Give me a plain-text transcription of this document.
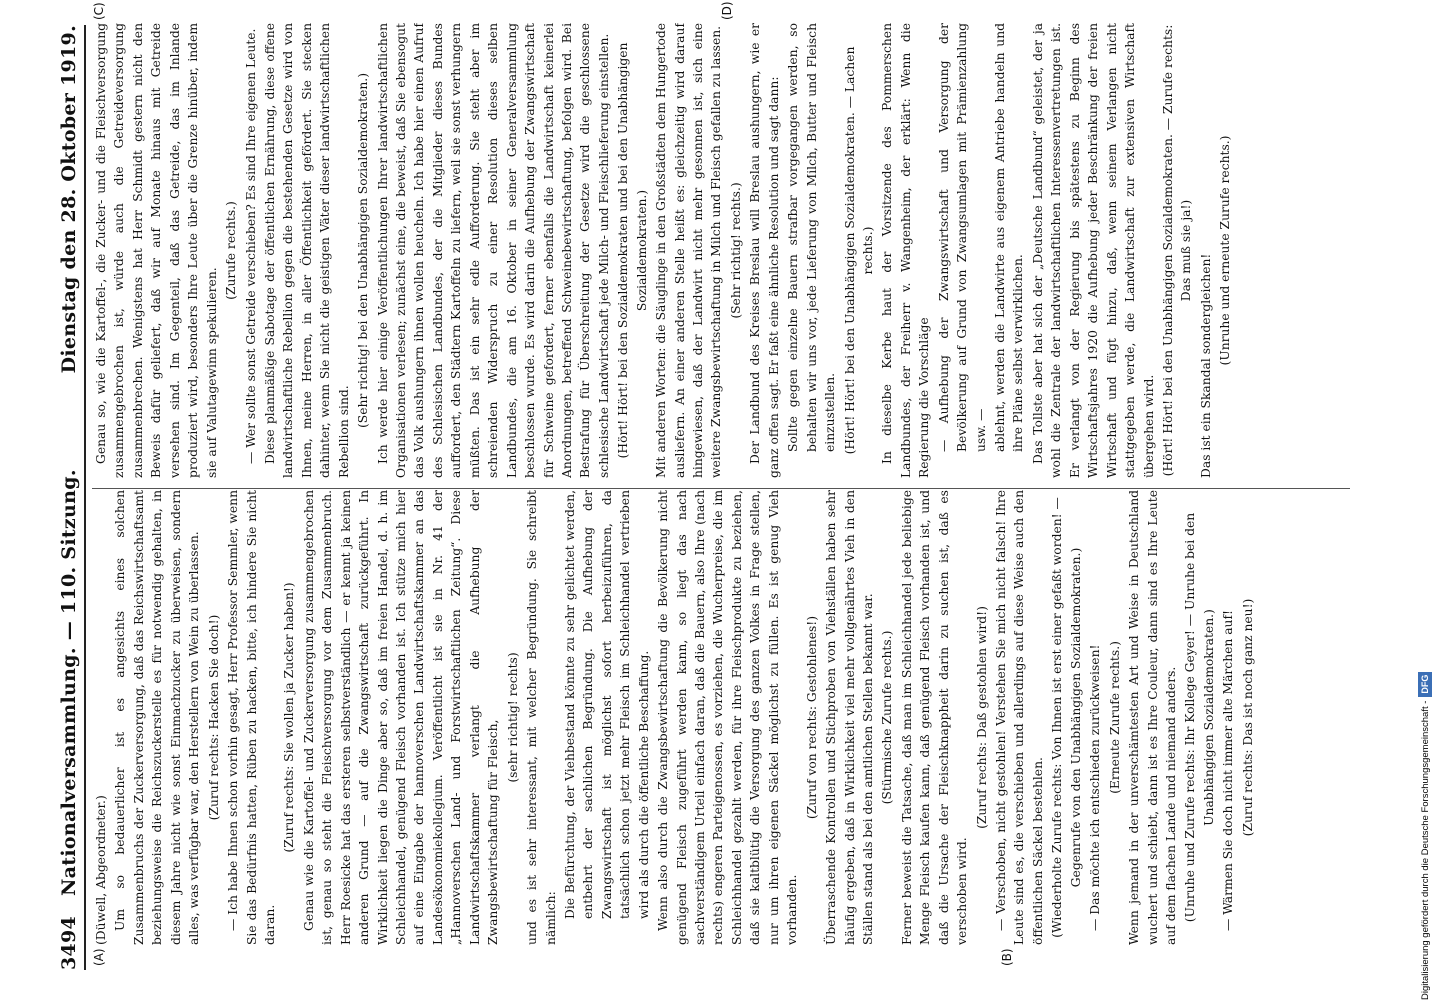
3494
Nationalversammlung. — 110. Sitzung.
Dienstag den 28. Oktober 1919.
(A)	(B)
(C)	(D)

(Düwell, Abgeordneter.) Um so bedauerlicher ist es angesichts eines solchen Zusammenbruchs der Zuckerversorgung, daß das Reichswirtschaftsamt beziehungsweise die Reichszuckerstelle es für notwendig gehalten, in diesem Jahre nicht wie sonst Einmachzucker zu überweisen, sondern alles, was verfügbar war, den Herstellern von Wein zu überlassen. (Zuruf rechts: Hacken Sie doch!) — Ich habe Ihnen schon vorhin gesagt, Herr Professor Semmler, wenn Sie das Bedürfnis hatten, Rüben zu hacken, bitte, ich hindere Sie nicht daran.

(Zuruf rechts: Sie wollen ja Zucker haben!) Genau wie die Kartoffel- und Zuckerversorgung zusammengebrochen ist, genau so steht die Fleischversorgung vor dem Zusammenbruch. Herr Roesicke hat das ersteren selbstverständlich — er kennt ja keinen anderen Grund — auf die Zwangswirtschaft zurückgeführt. In Wirklichkeit liegen die Dinge aber so, daß im freien Handel, d. h. im Schleichhandel, genügend Fleisch vorhanden ist. Ich stütze mich hier auf eine Eingabe der hannoverschen Landwirtschaftskammer an das Landesökonomiekollegium. Veröffentlicht ist sie in Nr. 41 der „Hannoverschen Land- und Forstwirtschaftlichen Zeitung“. Diese Landwirtschaftskammer verlangt die Aufhebung der Zwangsbewirtschaftung für Fleisch,

(sehr richtig! rechts) und es ist sehr interessant, mit welcher Begründung. Sie schreibt nämlich: Die Befürchtung, der Viehbestand könnte zu sehr gelichtet werden, entbehrt der sachlichen Begründung. Die Aufhebung der Zwangswirtschaft ist möglichst sofort herbeizuführen, da tatsächlich schon jetzt mehr Fleisch im Schleichhandel vertrieben wird als durch die öffentliche Beschaffung. Wenn also durch die Zwangsbewirtschaftung die Bevölkerung nicht genügend Fleisch zugeführt werden kann, so liegt das nach sachverständigem Urteil einfach daran, daß die Bauern, also Ihre (nach rechts) engeren Parteigenossen, es vorziehen, die Wucherpreise, die im Schleichhandel gezahlt werden, für ihre Fleischprodukte zu beziehen, daß sie kaltblütig die Versorgung des ganzen Volkes in Frage stellen, nur um ihren eigenen Säckel möglichst zu füllen. Es ist genug Vieh vorhanden.

(Zuruf von rechts: Gestohlenes!) Überraschende Kontrollen und Stichproben von Viehställen haben sehr häufig ergeben, daß in Wirklichkeit viel mehr vollgenährtes Vieh in den Ställen stand als bei den amtlichen Stellen bekannt war. (Stürmische Zurufe rechts.) Ferner beweist die Tatsache, daß man im Schleichhandel jede beliebige Menge Fleisch kaufen kann, daß genügend Fleisch vorhanden ist, und daß die Ursache der Fleischknappheit darin zu suchen ist, daß es verschoben wird.

(Zuruf rechts: Daß gestohlen wird!) — Verschoben, nicht gestohlen! Verstehen Sie mich nicht falsch! Ihre Leute sind es, die verschieben und allerdings auf diese Weise auch den öffentlichen Säckel bestehlen. (Wiederholte Zurufe rechts: Von Ihnen ist erst einer gefaßt worden! — Gegenrufe von den Unabhängigen Sozialdemokraten.) — Das möchte ich entschieden zurückweisen! (Erneute Zurufe rechts.) Wenn jemand in der unverschämtesten Art und Weise in Deutschland wuchert und schiebt, dann ist es Ihre Couleur, dann sind es Ihre Leute auf dem flachen Lande und niemand anders. (Unruhe und Zurufe rechts: Ihr Kollege Geyer! — Unruhe bei den Unabhängigen Sozialdemokraten.) — Wärmen Sie doch nicht immer alte Märchen auf! (Zuruf rechts: Das ist noch ganz neu!)

Genau so, wie die Kartoffel-, die Zucker- und die Fleischversorgung zusammengebrochen ist, würde auch die Getreideversorgung zusammenbrechen. Wenigstens hat Herr Schmidt gestern nicht den Beweis dafür geliefert, daß wir auf Monate hinaus mit Getreide versehen sind. Im Gegenteil, daß das Getreide, das im Inlande produziert wird, besonders Ihre Leute über die Grenze hinüber, indem sie auf Valutagewinn spekulieren.

(Zurufe rechts.) — Wer sollte sonst Getreide verschieben? Es sind Ihre eigenen Leute. Diese planmäßige Sabotage der öffentlichen Ernährung, diese offene landwirtschaftliche Rebellion gegen die bestehenden Gesetze wird von Ihnen, meine Herren, in aller Öffentlichkeit gefördert. Sie stecken dahinter, wenn Sie nicht die geistigen Väter dieser landwirtschaftlichen Rebellion sind.

(Sehr richtig! bei den Unabhängigen Sozialdemokraten.) Ich werde hier einige Veröffentlichungen Ihrer landwirtschaftlichen Organisationen verlesen; zunächst eine, die beweist, daß Sie ebensogut das Volk aushungern ihnen wollen heucheln. Ich habe hier einen Aufruf des Schlesischen Landbundes, der die Mitglieder dieses Bundes auffordert, den Städtern Kartoffeln zu liefern, weil sie sonst verhungern müßten. Das ist ein sehr edle Aufforderung. Sie steht aber im schreienden Widerspruch zu einer Resolution dieses selben Landbundes, die am 16. Oktober in seiner Generalversammlung beschlossen wurde. Es wird darin die Aufhebung der Zwangswirtschaft für Schweine gefordert, ferner ebenfalls die Landwirtschaft keinerlei Anordnungen, betreffend Schweinebewirtschaftung, befolgen wird. Bei Bestrafung für Überschreitung der Gesetze wird die geschlossene schlesische Landwirtschaft jede Milch- und Fleischlieferung einstellen. (Hört! Hört! bei den Sozialdemokraten und bei den Unabhängigen Sozialdemokraten.) Mit anderen Worten: die Säuglinge in den Großstädten dem Hungertode ausliefern. An einer anderen Stelle heißt es: gleichzeitig wird darauf hingewiesen, daß der Landwirt nicht mehr gesonnen ist, sich eine weitere Zwangsbewirtschaftung in Milch und Fleisch gefallen zu lassen. (Sehr richtig! rechts.) Der Landbund des Kreises Breslau will Breslau aushungern, wie er ganz offen sagt. Er faßt eine ähnliche Resolution und sagt dann: Sollte gegen einzelne Bauern strafbar vorgegangen werden, so behalten wir uns vor, jede Lieferung von Milch, Butter und Fleisch einzustellen. (Hört! Hört! bei den Unabhängigen Sozialdemokraten. — Lachen rechts.) In dieselbe Kerbe haut der Vorsitzende des Pommerschen Landbundes, der Freiherr v. Wangenheim, der erklärt: Wenn die Regierung die Vorschläge — Aufhebung der Zwangswirtschaft und Versorgung der Bevölkerung auf Grund von Zwangsumlagen mit Prämienzahlung usw. — ablehnt, werden die Landwirte aus eigenem Antriebe handeln und ihre Pläne selbst verwirklichen. Das Tollste aber hat sich der „Deutsche Landbund“ geleistet, der ja wohl die Zentrale der landwirtschaftlichen Interessenvertretungen ist. Er verlangt von der Regierung bis spätestens zu Beginn des Wirtschaftsjahres 1920 die Aufhebung jeder Beschränkung der freien Wirtschaft und fügt hinzu, daß, wenn seinem Verlangen nicht stattgegeben werde, die Landwirtschaft zur extensiven Wirtschaft übergehen wird. (Hört! Hört! bei den Unabhängigen Sozialdemokraten. — Zurufe rechts: Das muß sie ja!)

Das ist ein Skandal sondergleichen!

(Unruhe und erneute Zurufe rechts.)

Digitalisierung gefördert durch die Deutsche Forschungsgemeinschaft -DFG
